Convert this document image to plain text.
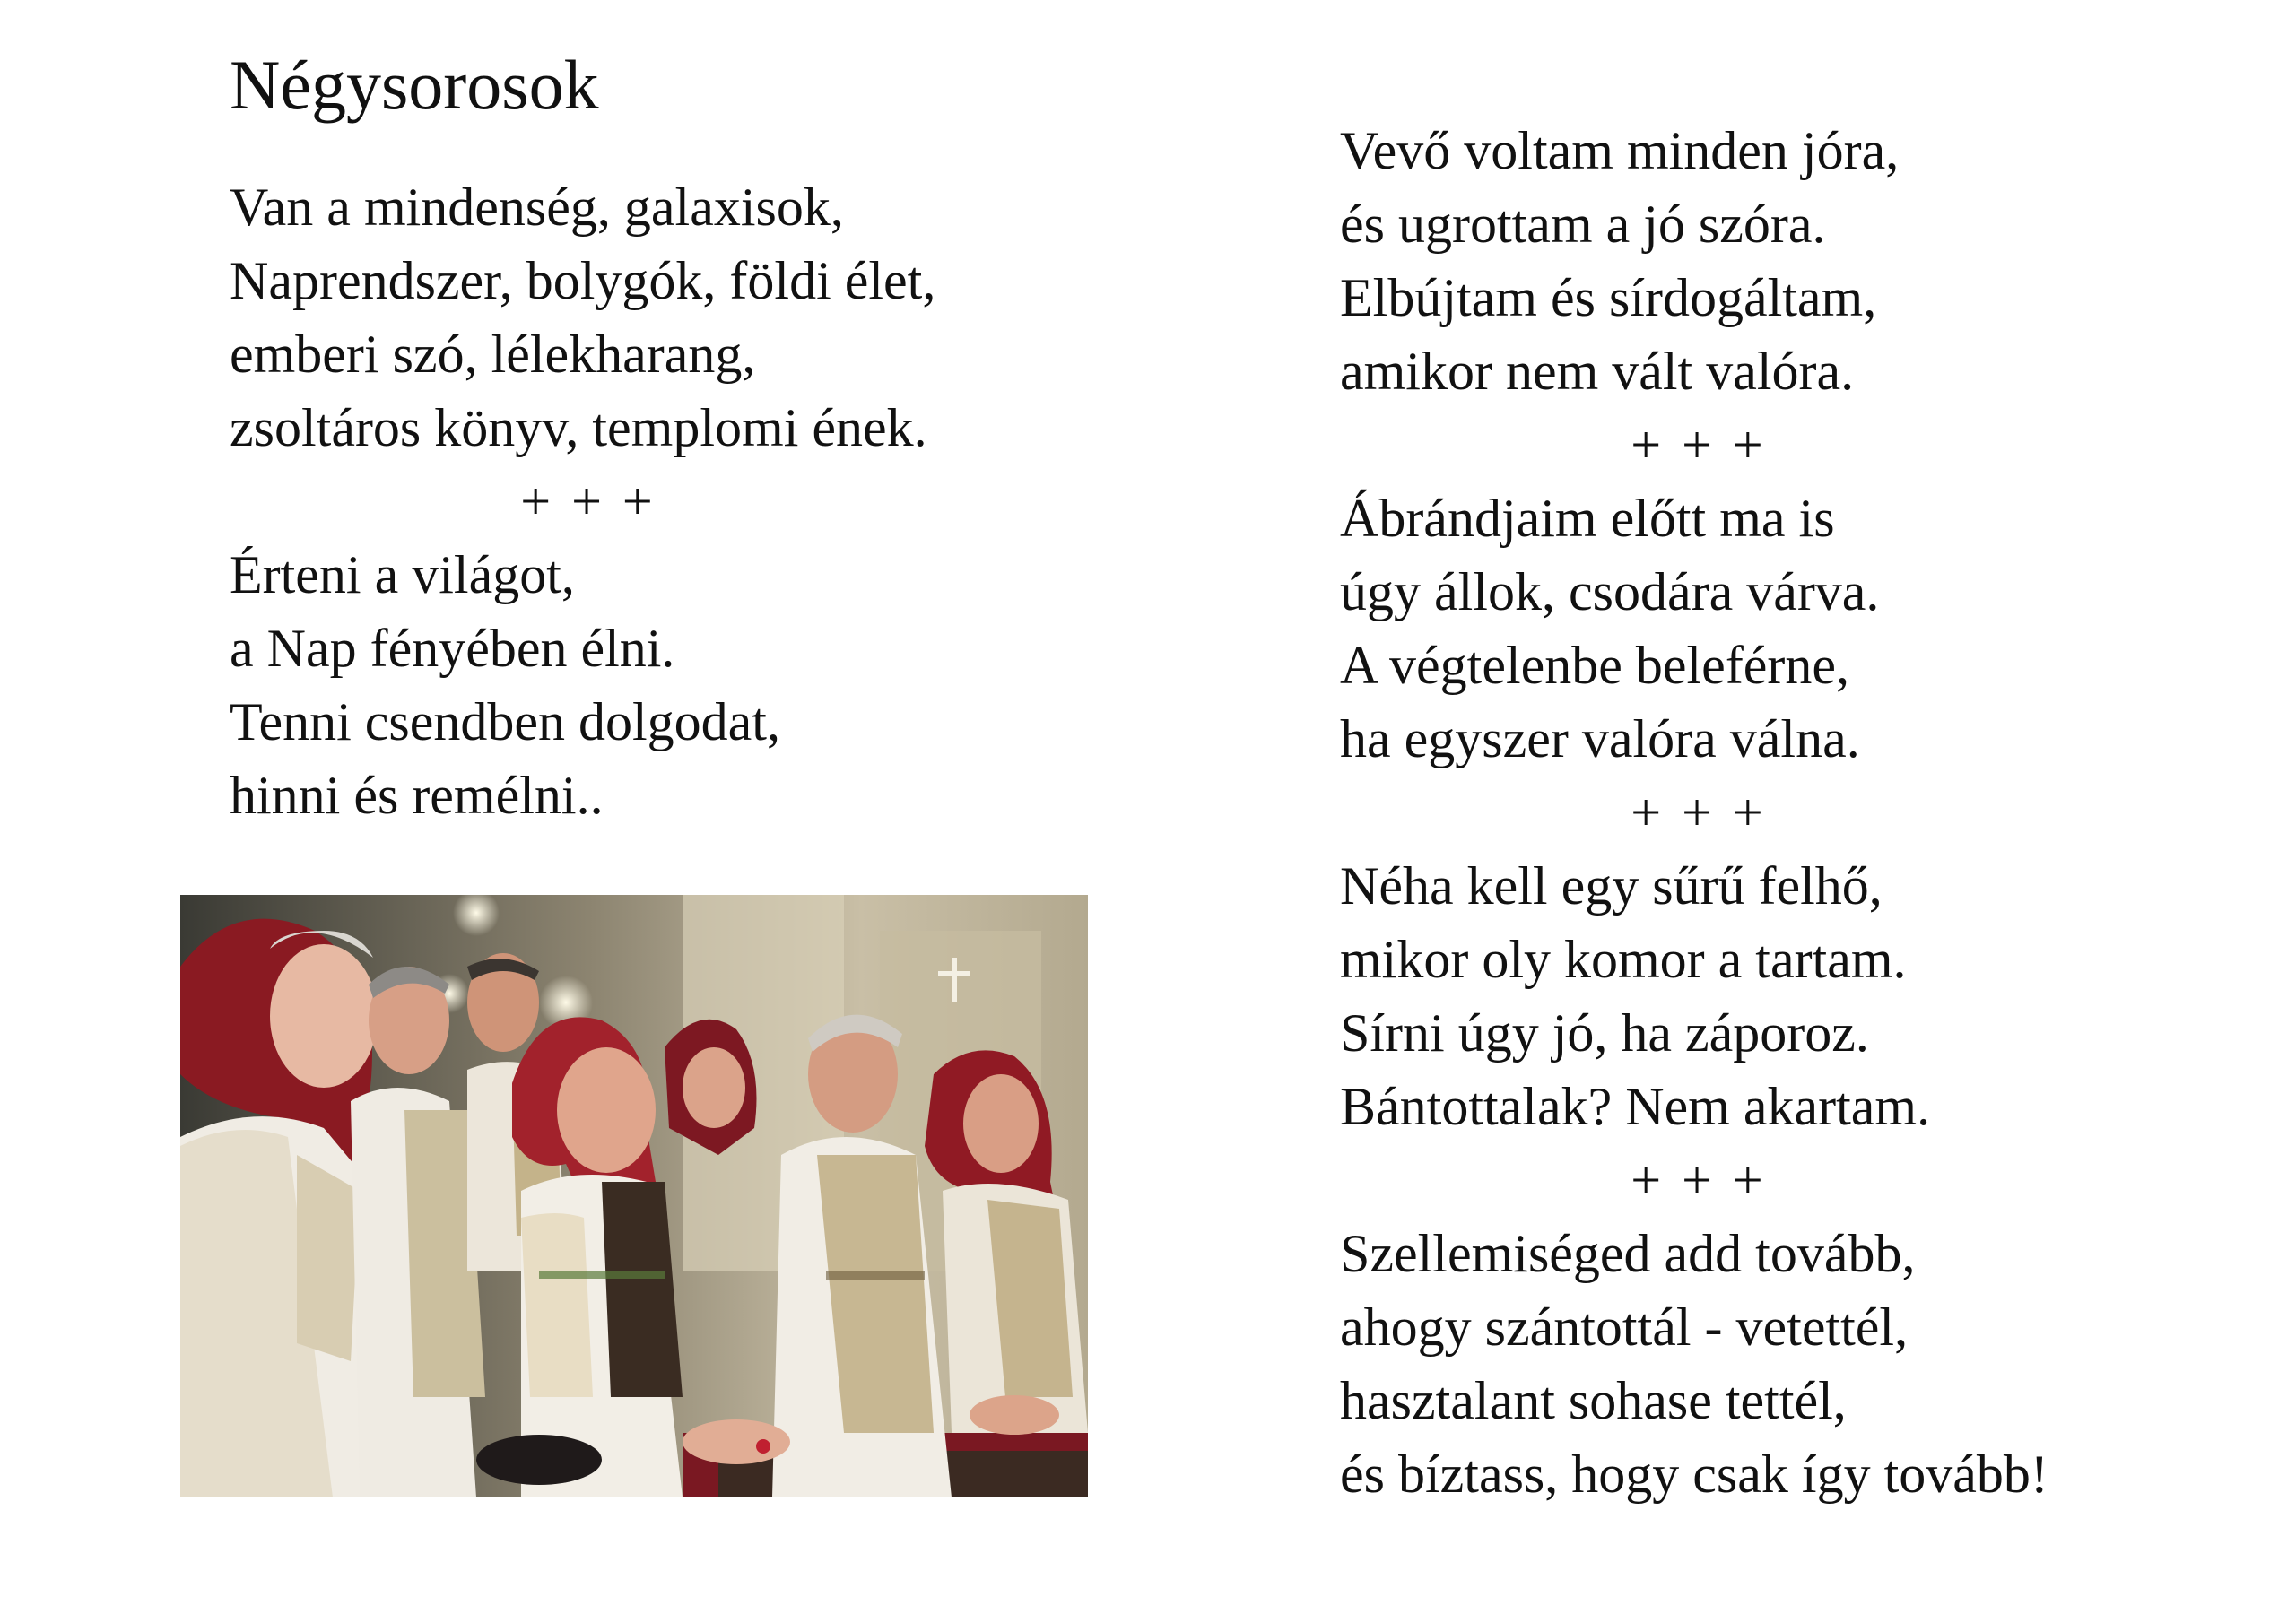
Négysorosok
Van a mindenség, galaxisok,
Naprendszer, bolygók, földi élet,
emberi szó, lélekharang,
zsoltáros könyv, templomi ének.
+ + +
Érteni a világot,
a Nap fényében élni.
Tenni csendben dolgodat,
hinni és remélni..
Vevő voltam minden jóra,
és ugrottam a jó szóra.
Elbújtam és sírdogáltam,
amikor nem vált valóra.
+ + +
Ábrándjaim előtt ma is
úgy állok, csodára várva.
A végtelenbe beleférne,
ha egyszer valóra válna.
+ + +
Néha kell egy sűrű felhő,
mikor oly komor a tartam.
Sírni úgy jó, ha záporoz.
Bántottalak? Nem akartam.
+ + +
Szellemiséged add tovább,
ahogy szántottál - vetettél,
hasztalant sohase tettél,
és bíztass, hogy csak így tovább!
